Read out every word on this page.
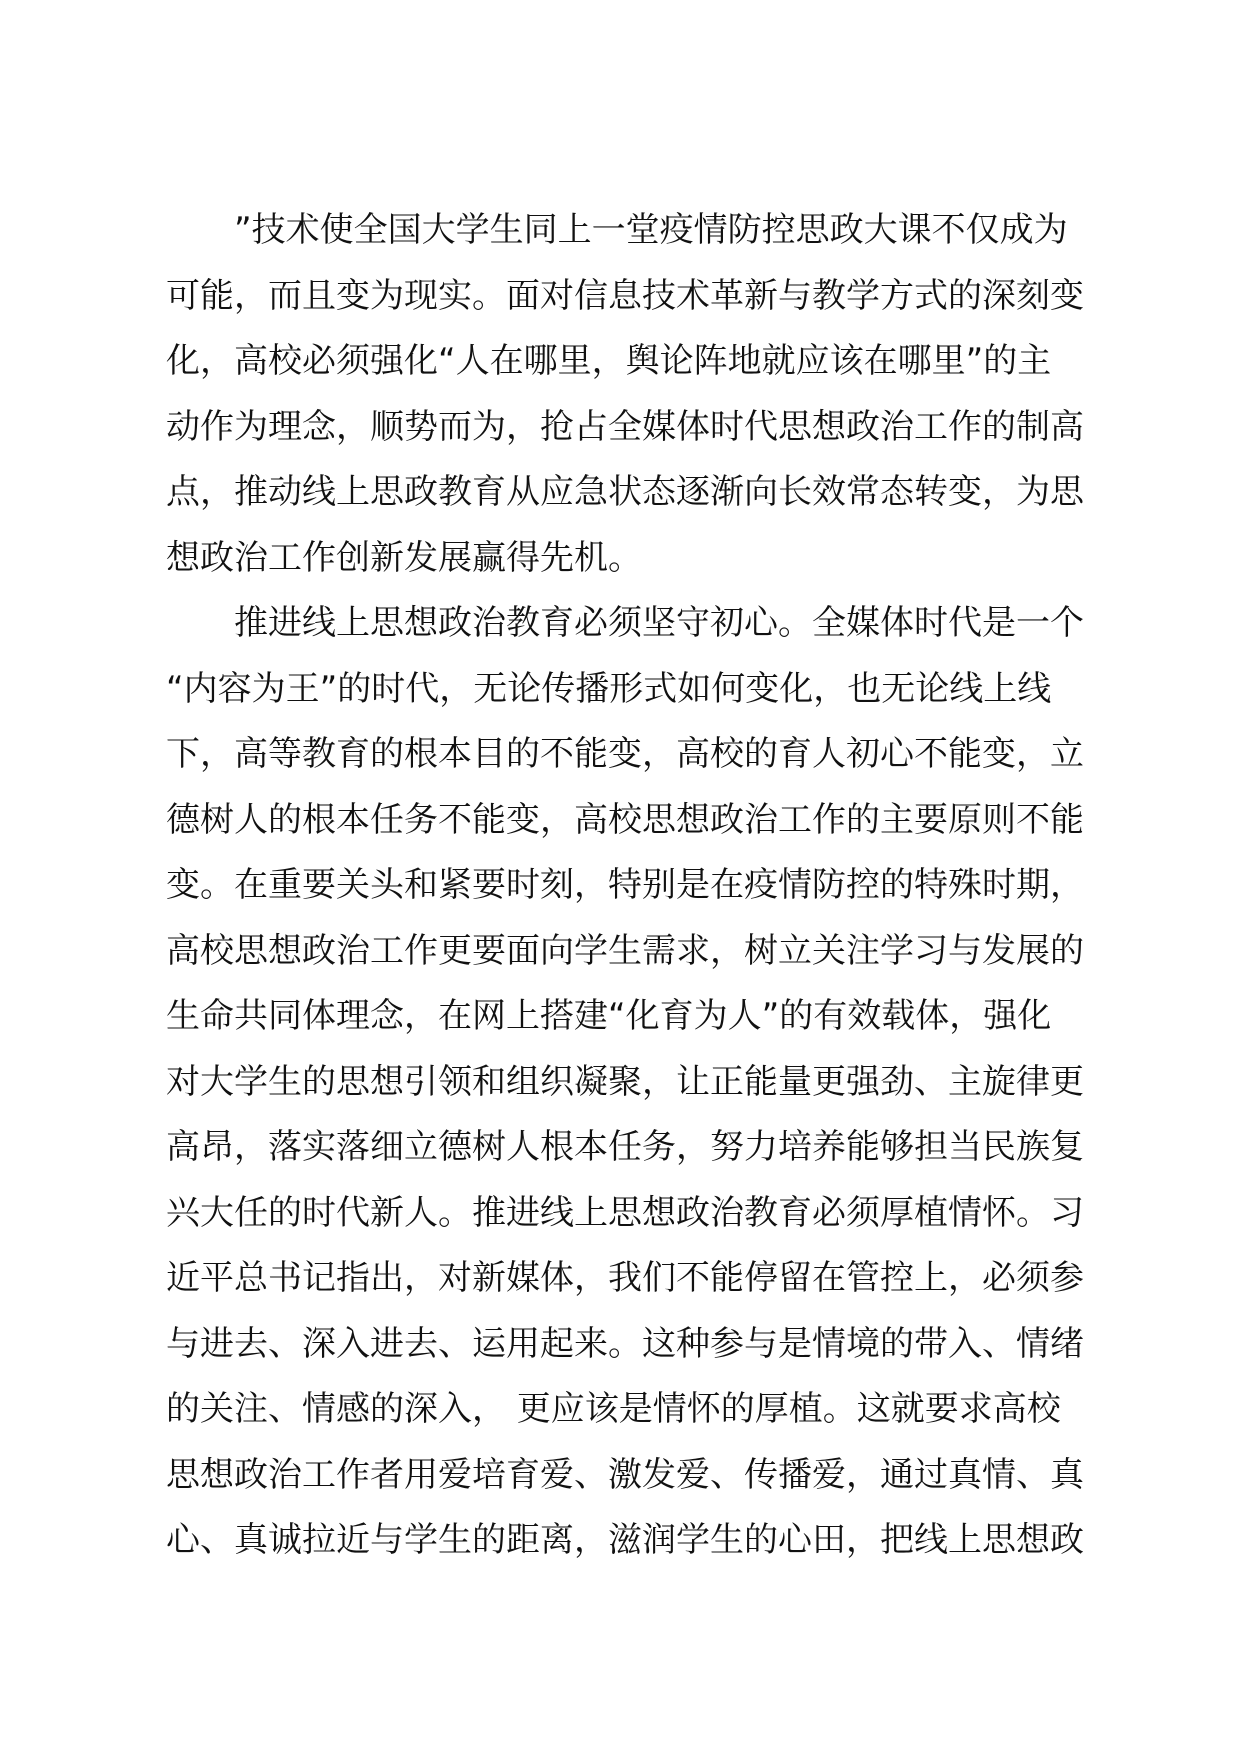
”技术使全国大学生同上一堂疫情防控思政大课不仅成为
可能，而且变为现实。面对信息技术革新与教学方式的深刻变
化，高校必须强化“人在哪里，舆论阵地就应该在哪里”的主
动作为理念，顺势而为，抢占全媒体时代思想政治工作的制高
点，推动线上思政教育从应急状态逐渐向长效常态转变，为思
想政治工作创新发展赢得先机。
推进线上思想政治教育必须坚守初心。全媒体时代是一个
“内容为王”的时代，无论传播形式如何变化，也无论线上线
下，高等教育的根本目的不能变，高校的育人初心不能变，立
德树人的根本任务不能变，高校思想政治工作的主要原则不能
变。在重要关头和紧要时刻，特别是在疫情防控的特殊时期，
高校思想政治工作更要面向学生需求，树立关注学习与发展的
生命共同体理念，在网上搭建“化育为人”的有效载体，强化
对大学生的思想引领和组织凝聚，让正能量更强劲、主旋律更
高昂，落实落细立德树人根本任务，努力培养能够担当民族复
兴大任的时代新人。推进线上思想政治教育必须厚植情怀。习
近平总书记指出，对新媒体，我们不能停留在管控上，必须参
与进去、深入进去、运用起来。这种参与是情境的带入、情绪
的关注、情感的深入， 更应该是情怀的厚植。这就要求高校
思想政治工作者用爱培育爱、激发爱、传播爱，通过真情、真
心、真诚拉近与学生的距离，滋润学生的心田，把线上思想政
